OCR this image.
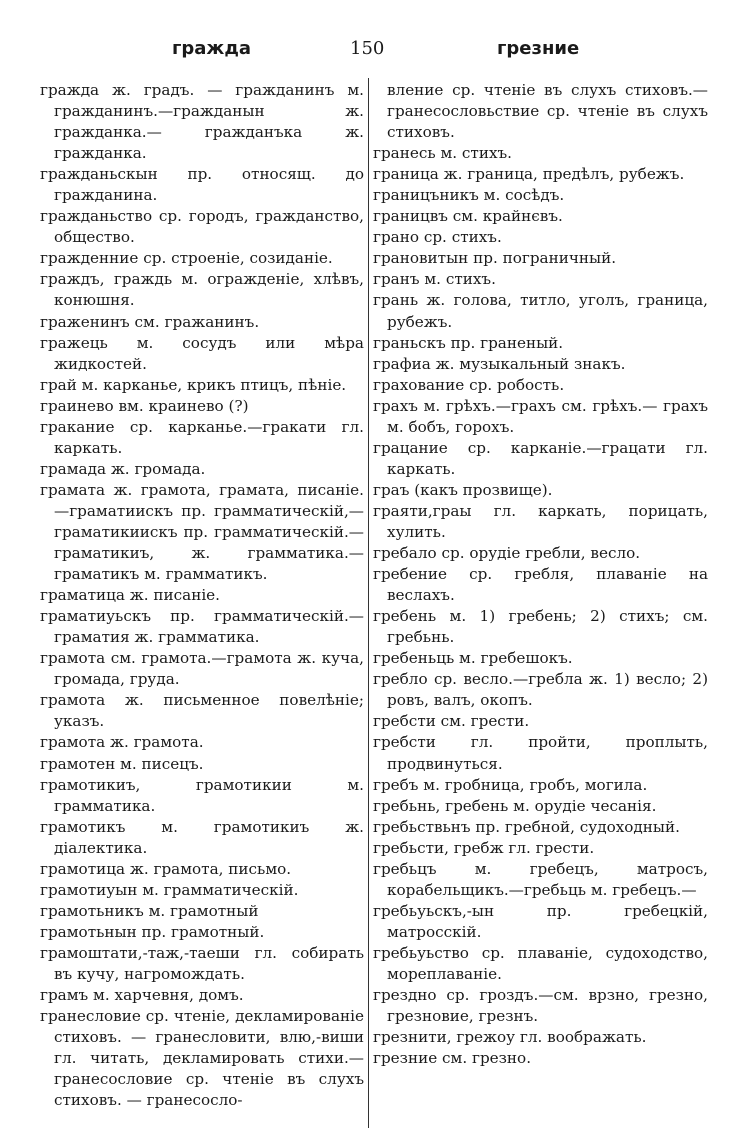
гражда	150	грезние
гражда ж. градъ. — граждaнинъ м. гражданинъ.—граждaнын ж. гражданка.— гражданъка ж. гражданка.
граждaньскын пр. относящ. до гражданина.
граждaньство ср. городъ, гражданство, общество.
гражденние ср. строеніе, созиданіе.
граждъ, граждь м. огражденіе, хлѣвъ, конюшня.
граженинъ см. гражaнинъ.
гражець м. сосудъ или мѣра жидкостей.
грaй м. карканье, крикъ птицъ, пѣніе.
грaинево вм. краинево (?)
гракание ср. карканье.—гракати гл. каркать.
грамада ж. громада.
грамата ж. грамота, грамата, писаніе.—граматиискъ пр. грамматическій,—граматикиискъ пр. грамматическій.—граматикиъ, ж. грамматика.—граматикъ м. грамматикъ.
граматица ж. писаніе.
граматиуьскъ пр. грамматическій.— граматия ж. грамматика.
грамота см. грамота.—грамота ж. куча, громада, груда.
грамота ж. письменное повелѣніе; указъ.
грамота ж. грамота.
грамотен м. писецъ.
грамотикиъ, грамотикии м. грамматика.
грамотикъ м. грамотикиъ ж. діалектика.
грамотица ж. грамота, письмо.
грамотиуын м. грамматическій.
грамотьникъ м. грамотный
грамотьнын пр. грамотный.
грамоштати,-таж,-таеши гл. собирать въ кучу, нагромождать.
грамъ м. харчевня, домъ.
гранесловие ср. чтеніе, декламированіе стиховъ. — гранесловити, влю,-виши гл. читать, декламировать стихи.—гранесословие ср. чтеніе въ слухъ стиховъ. — гранесосло-
вление ср. чтеніе въ слухъ стиховъ.—гранесословьствие ср. чтеніе въ слухъ стиховъ.
гранесь м. стихъ.
граница ж. граница, предѣлъ, рубежъ.
границъникъ м. сосѣдъ.
границвъ см. крайнєвъ.
грано ср. стихъ.
грановитын пр. пограничный.
гранъ м. стихъ.
грань ж. голова, титло, уголъ, граница, рубежъ.
граньскъ пр. граненый.
графиа ж. музыкальный знакъ.
граховaние ср. робость.
грахъ м. грѣхъ.—грахъ см. грѣхъ.— грахъ м. бобъ, горохъ.
грацание ср. карканіе.—грацати гл. каркать.
граъ (какъ прозвище).
граяти,граы гл. каркать, порицать, хулить.
гребало ср. орудіе гребли, весло.
гребение ср. гребля, плаваніе на веслахъ.
гребень м. 1) гребень; 2) стихъ; см. гребьнь.
гребеньць м. гребешокъ.
гребло ср. весло.—гребла ж. 1) весло; 2) ровъ, валъ, окопъ.
гребсти см. грести.
гребсти гл. пройти, проплыть, продвинуться.
гребъ м. гробница, гробъ, могила.
гребьнь, гребень м. орудіе чесанія.
гребьствьнъ пр. гребной, судоходный.
гребьсти, гребж гл. грести.
гребьцъ м. гребецъ, матросъ, корабельщикъ.—гребьць м. гребецъ.—
гребьуьскъ,-ын пр. гребецкій, матросскій.
гребьуьство ср. плаваніе, судоходство, мореплаваніе.
грездно ср. гроздъ.—см. врзно, грезно, грезновие, грезнъ.
грезнити, грежоу гл. воображать.
грезние см. грезно.
